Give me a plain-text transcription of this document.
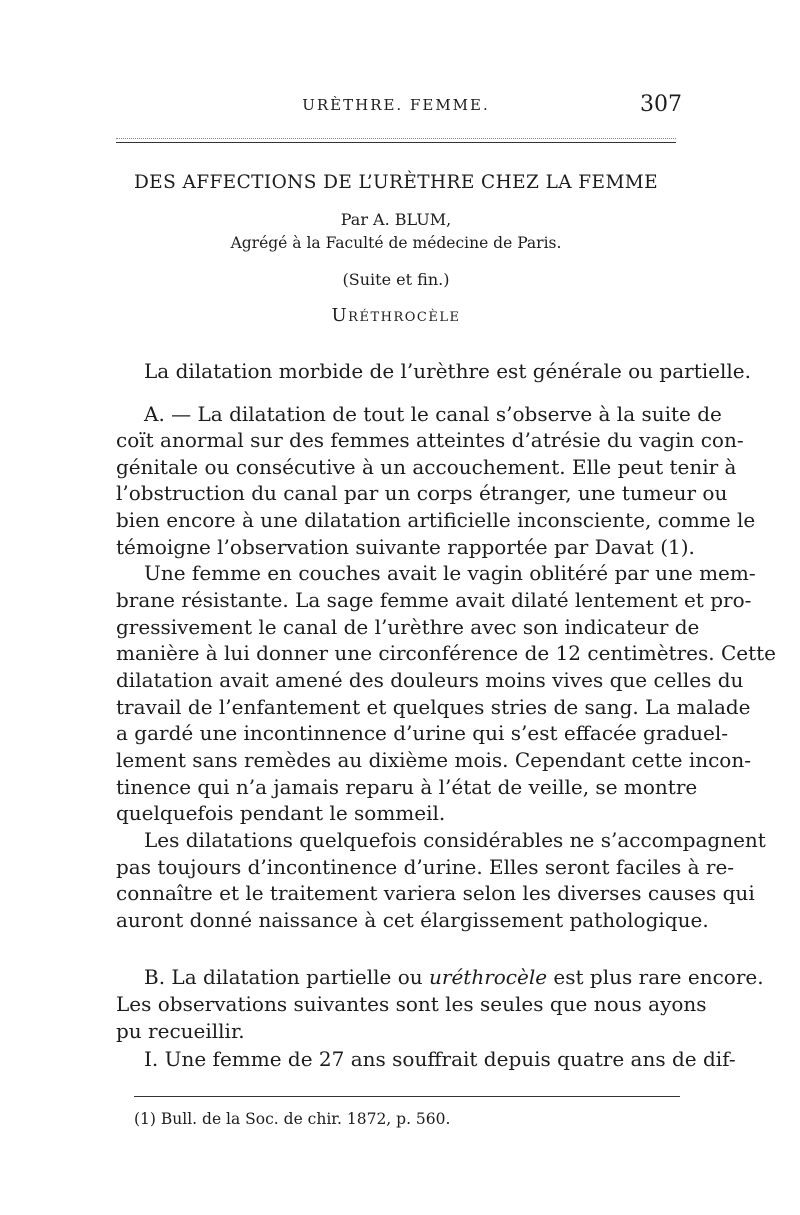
URÈTHRE. FEMME.	307
DES AFFECTIONS DE L’URÈTHRE CHEZ LA FEMME
Par A. BLUM,
Agrégé à la Faculté de médecine de Paris.
(Suite et fin.)
Uréthrocèle
La dilatation morbide de l’urèthre est générale ou partielle.
A. — La dilatation de tout le canal s’observe à la suite de
coït anormal sur des femmes atteintes d’atrésie du vagin con-
génitale ou consécutive à un accouchement. Elle peut tenir à
l’obstruction du canal par un corps étranger, une tumeur ou
bien encore à une dilatation artificielle inconsciente, comme le
témoigne l’observation suivante rapportée par Davat (1).
Une femme en couches avait le vagin oblitéré par une mem-
brane résistante. La sage femme avait dilaté lentement et pro-
gressivement le canal de l’urèthre avec son indicateur de
manière à lui donner une circonférence de 12 centimètres. Cette
dilatation avait amené des douleurs moins vives que celles du
travail de l’enfantement et quelques stries de sang. La malade
a gardé une incontinnence d’urine qui s’est effacée graduel-
lement sans remèdes au dixième mois. Cependant cette incon-
tinence qui n’a jamais reparu à l’état de veille, se montre
quelquefois pendant le sommeil.
Les dilatations quelquefois considérables ne s’accompagnent
pas toujours d’incontinence d’urine. Elles seront faciles à re-
connaître et le traitement variera selon les diverses causes qui
auront donné naissance à cet élargissement pathologique.
B. La dilatation partielle ou uréthrocèle est plus rare encore.
Les observations suivantes sont les seules que nous ayons
pu recueillir.
I. Une femme de 27 ans souffrait depuis quatre ans de dif-
(1) Bull. de la Soc. de chir. 1872, p. 560.
